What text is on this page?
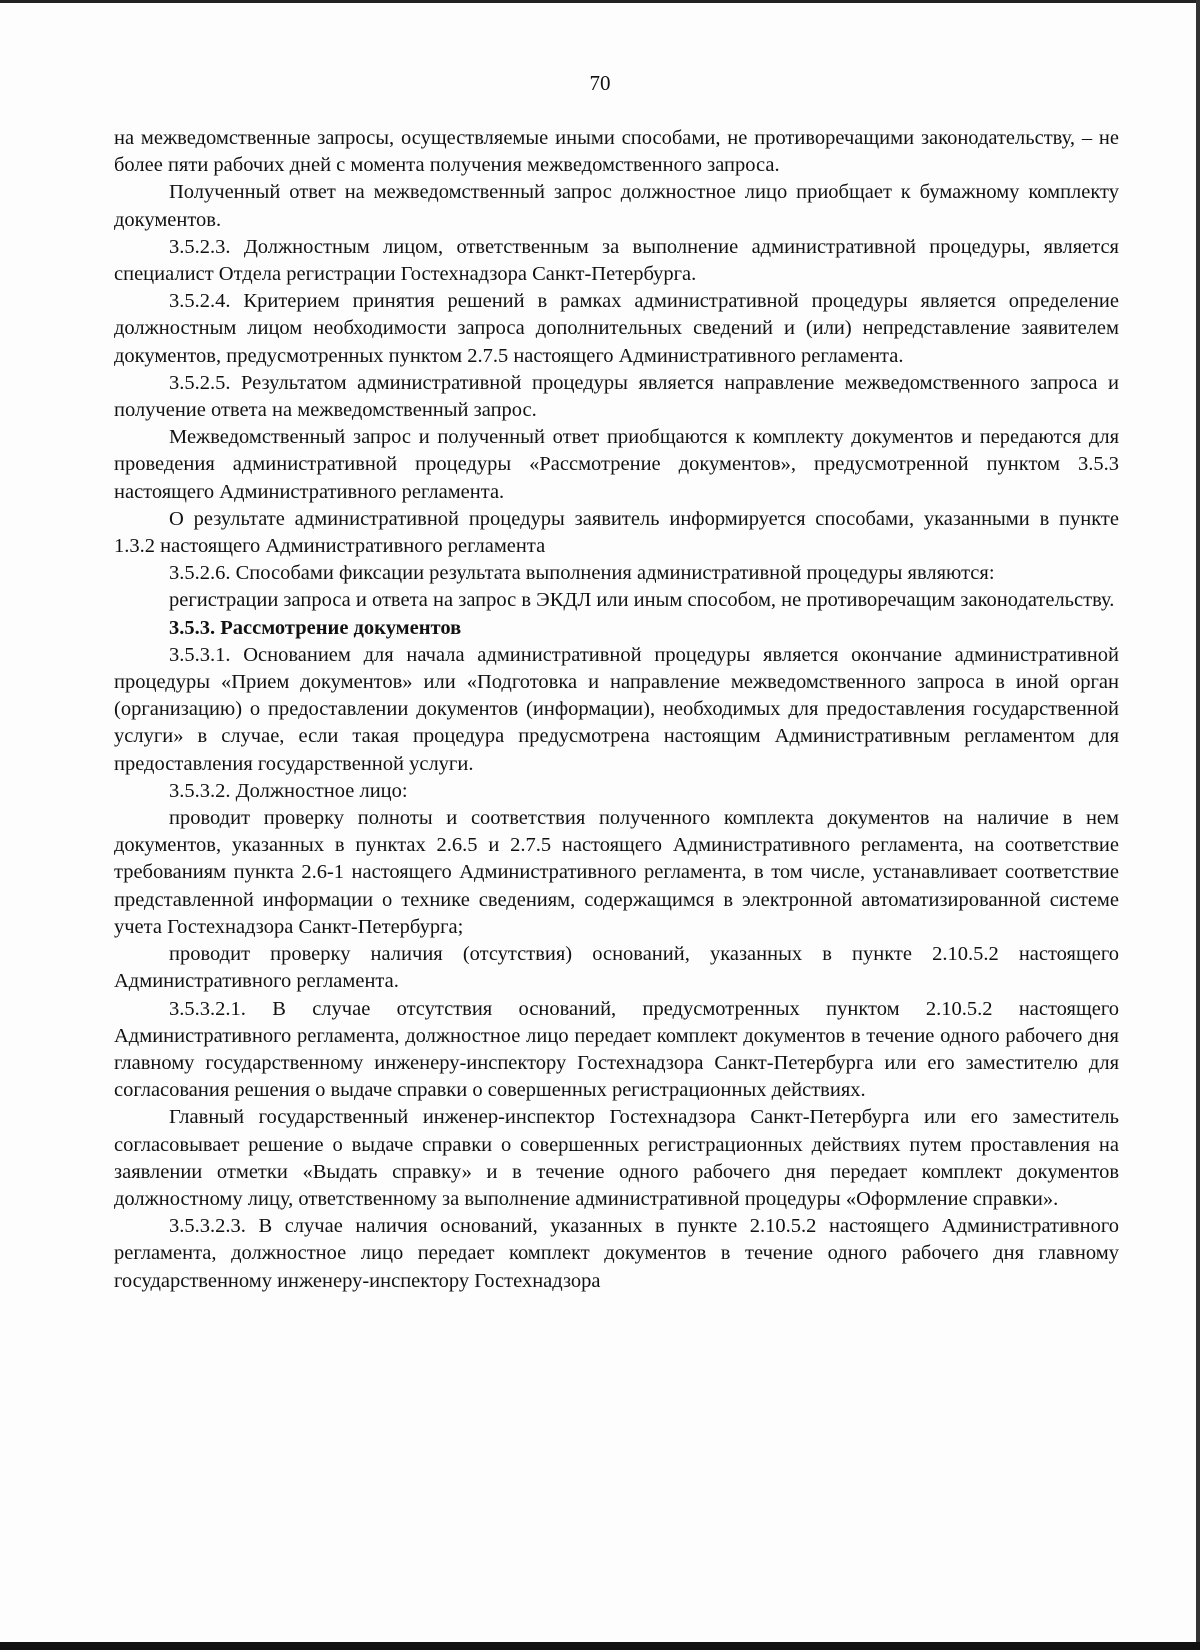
70

на межведомственные запросы, осуществляемые иными способами, не противоречащими законодательству, – не более пяти рабочих дней с момента получения межведомственного запроса.

Полученный ответ на межведомственный запрос должностное лицо приобщает к бумажному комплекту документов.

3.5.2.3. Должностным лицом, ответственным за выполнение административной процедуры, является специалист Отдела регистрации Гостехнадзора Санкт-Петербурга.

3.5.2.4. Критерием принятия решений в рамках административной процедуры является определение должностным лицом необходимости запроса дополнительных сведений и (или) непредставление заявителем документов, предусмотренных пунктом 2.7.5 настоящего Административного регламента.

3.5.2.5. Результатом административной процедуры является направление межведомственного запроса и получение ответа на межведомственный запрос.

Межведомственный запрос и полученный ответ приобщаются к комплекту документов и передаются для проведения административной процедуры «Рассмотрение документов», предусмотренной пунктом 3.5.3 настоящего Административного регламента.

О результате административной процедуры заявитель информируется способами, указанными в пункте 1.3.2 настоящего Административного регламента

3.5.2.6. Способами фиксации результата выполнения административной процедуры являются:

регистрации запроса и ответа на запрос в ЭКДЛ или иным способом, не противоречащим законодательству.

3.5.3. Рассмотрение документов

3.5.3.1. Основанием для начала административной процедуры является окончание административной процедуры «Прием документов» или «Подготовка и направление межведомственного запроса в иной орган (организацию) о предоставлении документов (информации), необходимых для предоставления государственной услуги» в случае, если такая процедура предусмотрена настоящим Административным регламентом для предоставления государственной услуги.

3.5.3.2. Должностное лицо:

проводит проверку полноты и соответствия полученного комплекта документов на наличие в нем документов, указанных в пунктах 2.6.5 и 2.7.5 настоящего Административного регламента, на соответствие требованиям пункта 2.6-1 настоящего Административного регламента, в том числе, устанавливает соответствие представленной информации о технике сведениям, содержащимся в электронной автоматизированной системе учета Гостехнадзора Санкт-Петербурга;

проводит проверку наличия (отсутствия) оснований, указанных в пункте 2.10.5.2 настоящего Административного регламента.

3.5.3.2.1. В случае отсутствия оснований, предусмотренных пунктом 2.10.5.2 настоящего Административного регламента, должностное лицо передает комплект документов в течение одного рабочего дня главному государственному инженеру-инспектору Гостехнадзора Санкт-Петербурга или его заместителю для согласования решения о выдаче справки о совершенных регистрационных действиях.

Главный государственный инженер-инспектор Гостехнадзора Санкт-Петербурга или его заместитель согласовывает решение о выдаче справки о совершенных регистрационных действиях путем проставления на заявлении отметки «Выдать справку» и в течение одного рабочего дня передает комплект документов должностному лицу, ответственному за выполнение административной процедуры «Оформление справки».

3.5.3.2.3. В случае наличия оснований, указанных в пункте 2.10.5.2 настоящего Административного регламента, должностное лицо передает комплект документов в течение одного рабочего дня главному государственному инженеру-инспектору Гостехнадзора
